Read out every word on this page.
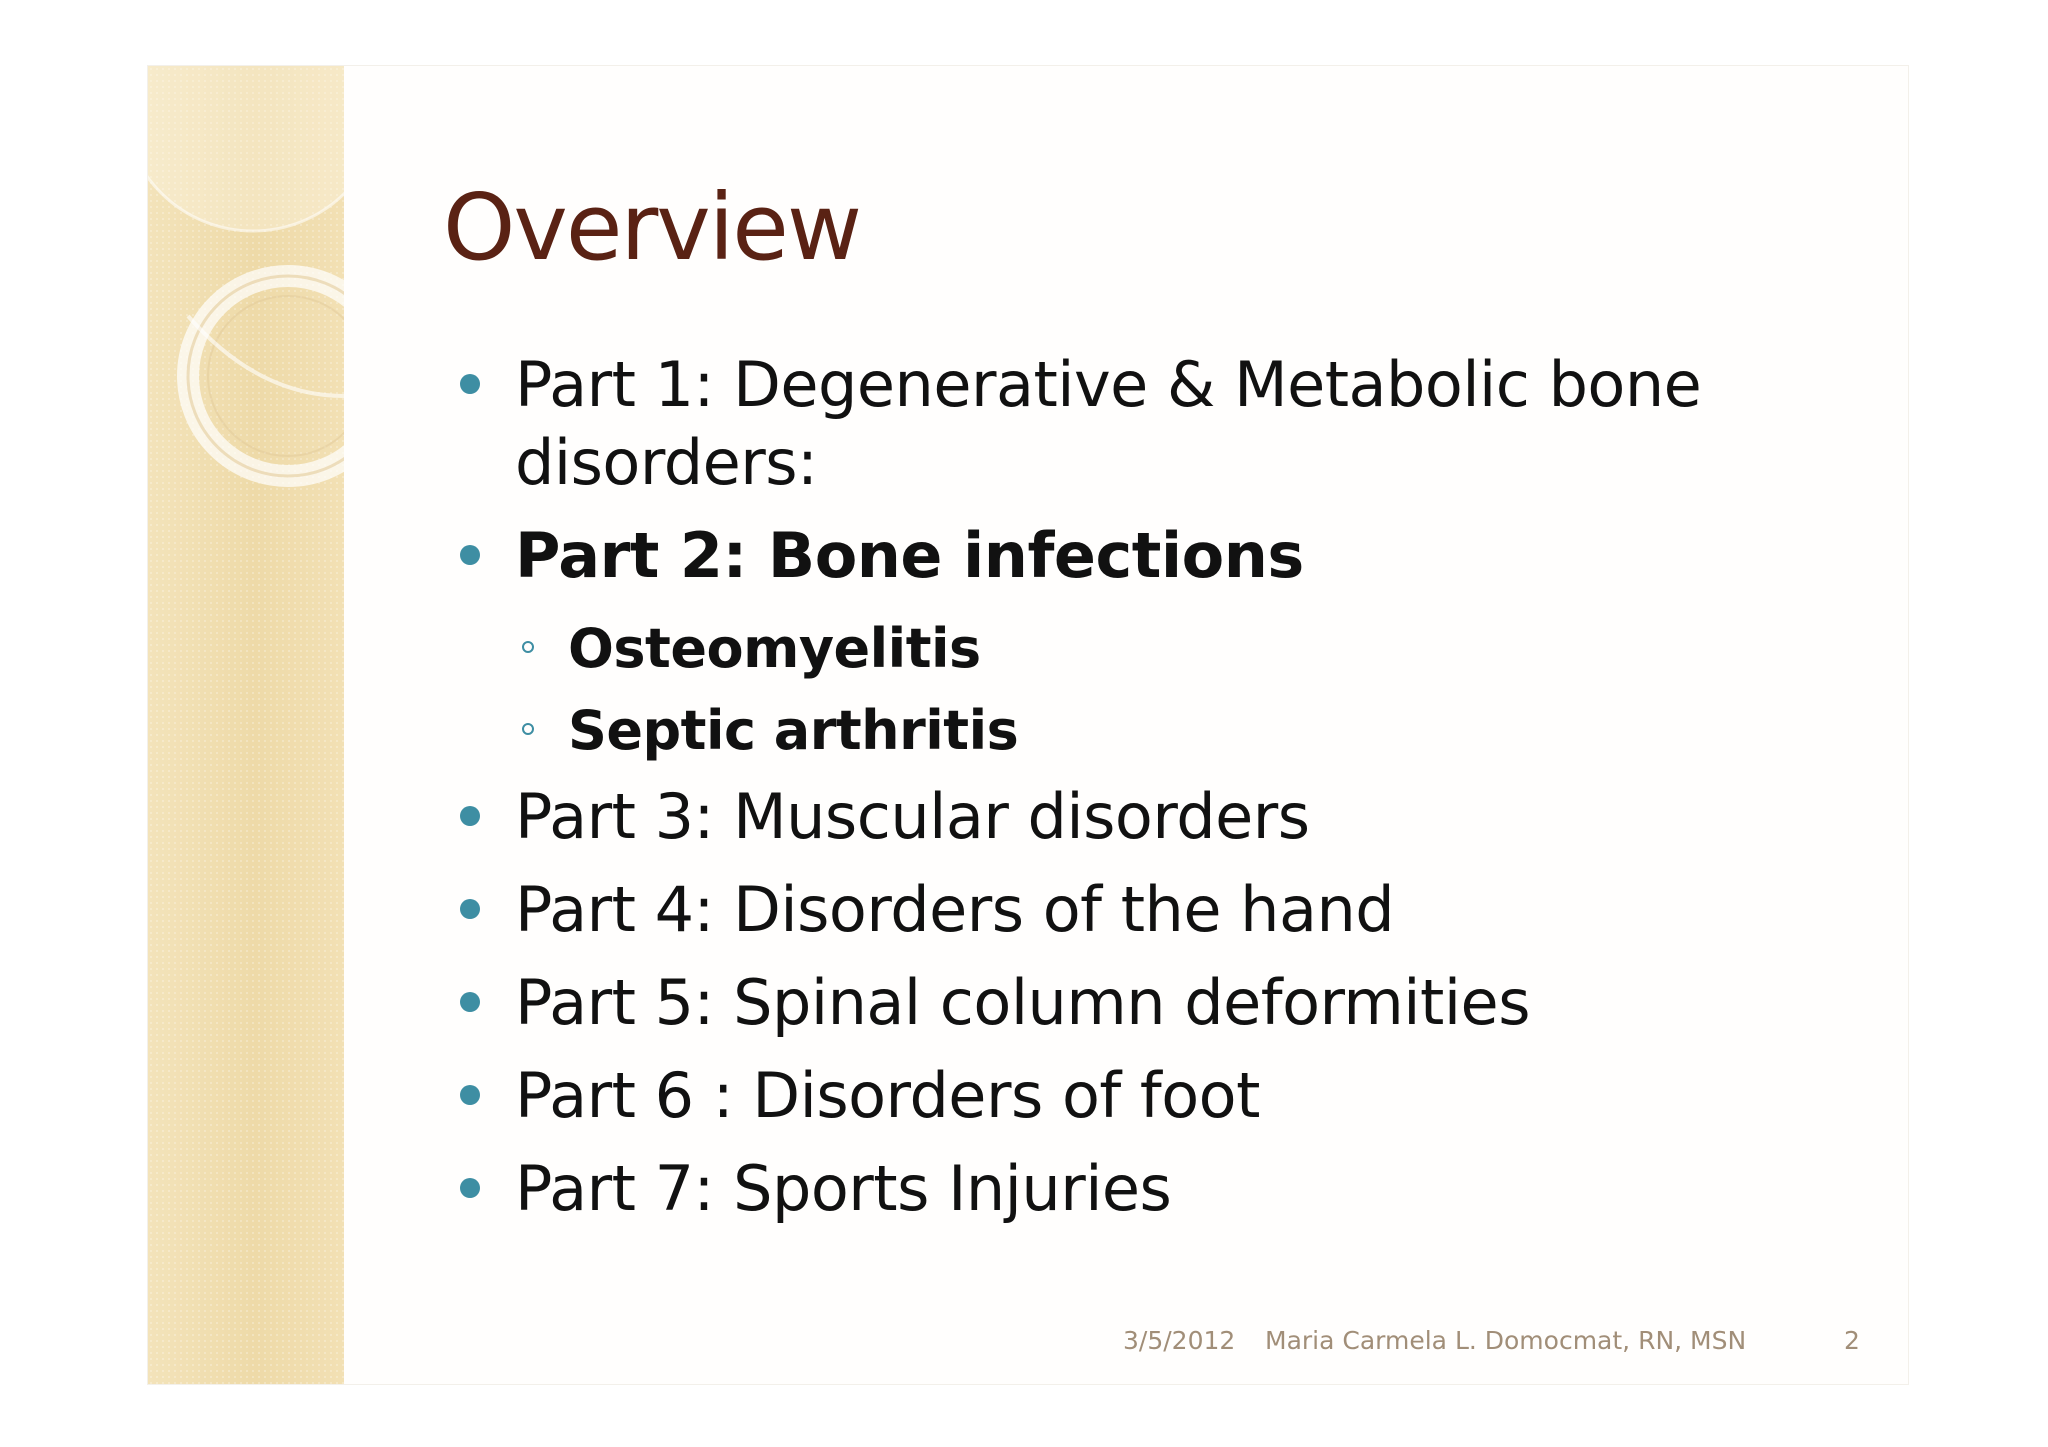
Overview
Part 1: Degenerative & Metabolic bone disorders:
Part 2: Bone infections
Osteomyelitis
Septic arthritis
Part 3: Muscular disorders
Part 4: Disorders of the hand
Part 5: Spinal column deformities
Part 6 : Disorders of foot
Part 7: Sports Injuries
3/5/2012 Maria Carmela L. Domocmat, RN, MSN	2
